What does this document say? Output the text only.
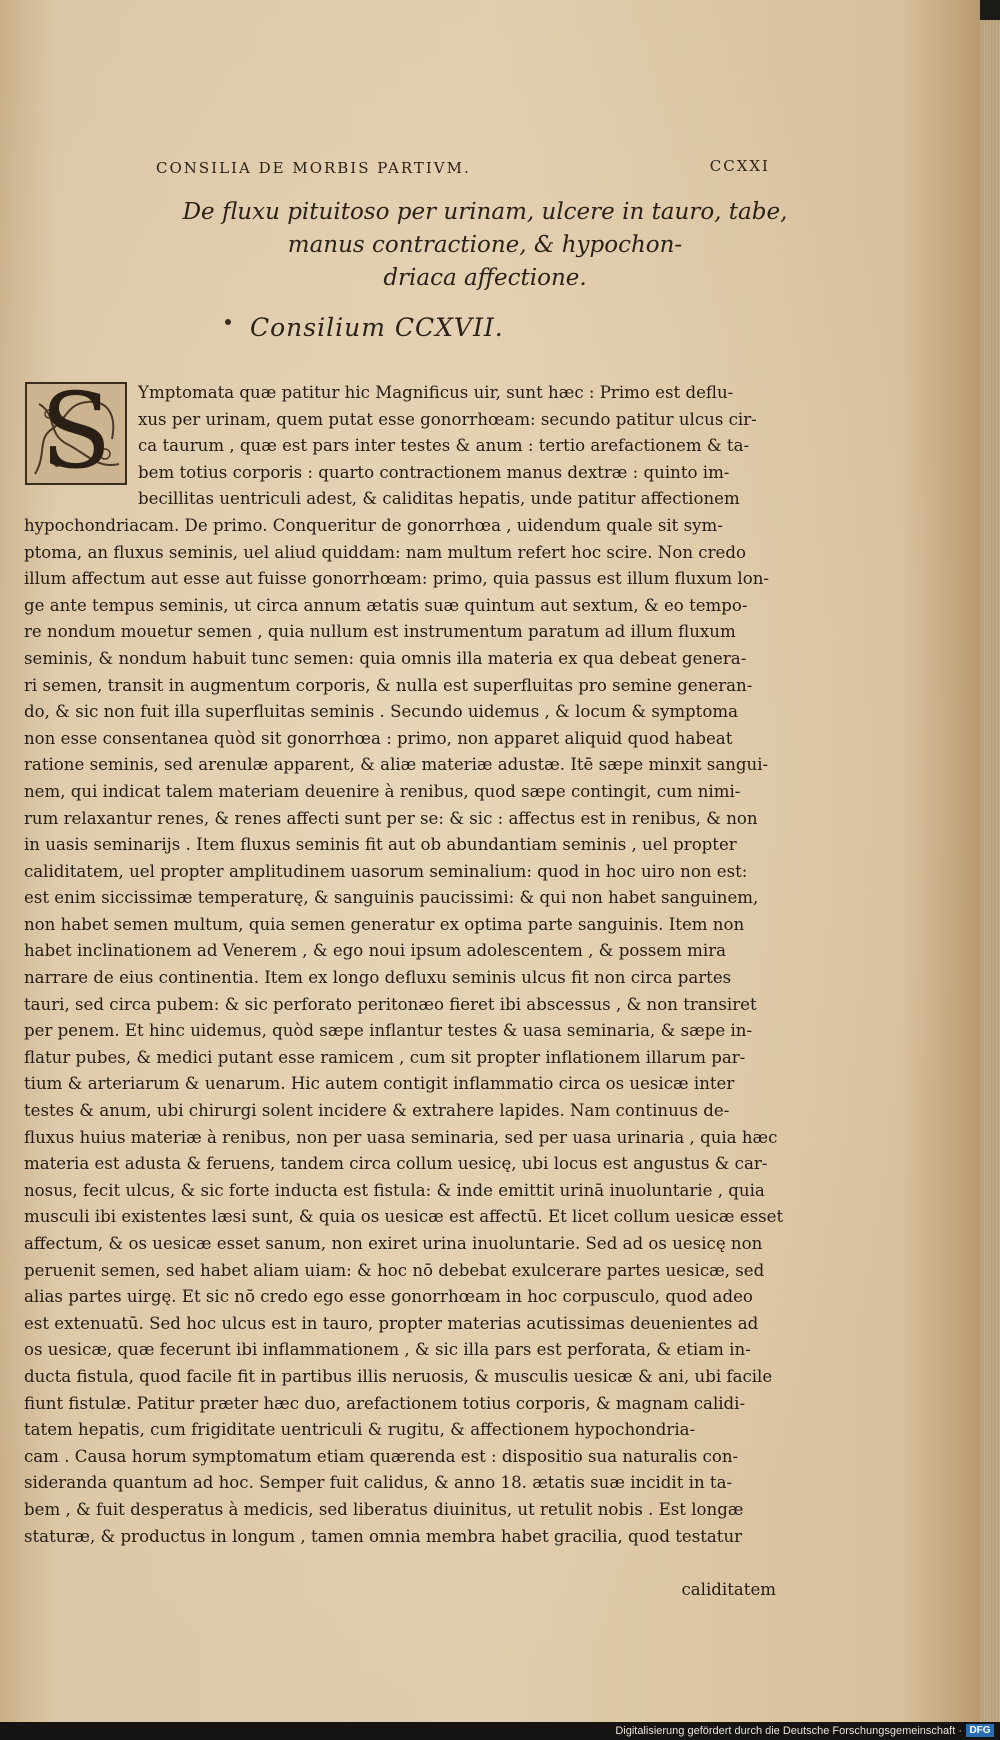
CONSILIA DE MORBIS PARTIVM.	CCXXI
De fluxu pituitoso per urinam, ulcere in tauro, tabe,
manus contractione, & hypochon-
driaca affectione.
Consilium CCXVII.
S	Ymptomata quæ patitur hic Magnificus uir, sunt hæc : Primo est deflu-
xus per urinam, quem putat esse gonorrhœam: secundo patitur ulcus cir-
ca taurum , quæ est pars inter testes & anum : tertio arefactionem & ta-
bem totius corporis : quarto contractionem manus dextræ : quinto im-
becillitas uentriculi adest, & caliditas hepatis, unde patitur affectionem
hypochondriacam. De primo. Conqueritur de gonorrhœa , uidendum quale sit sym-
ptoma, an fluxus seminis, uel aliud quiddam: nam multum refert hoc scire. Non credo
illum affectum aut esse aut fuisse gonorrhœam: primo, quia passus est illum fluxum lon-
ge ante tempus seminis, ut circa annum ætatis suæ quintum aut sextum, & eo tempo-
re nondum mouetur semen , quia nullum est instrumentum paratum ad illum fluxum
seminis, & nondum habuit tunc semen: quia omnis illa materia ex qua debeat genera-
ri semen, transit in augmentum corporis, & nulla est superfluitas pro semine generan-
do, & sic non fuit illa superfluitas seminis . Secundo uidemus , & locum & symptoma
non esse consentanea quòd sit gonorrhœa : primo, non apparet aliquid quod habeat
ratione seminis, sed arenulæ apparent, & aliæ materiæ adustæ. Itē sæpe minxit sangui-
nem, qui indicat talem materiam deuenire à renibus, quod sæpe contingit, cum nimi-
rum relaxantur renes, & renes affecti sunt per se: & sic : affectus est in renibus, & non
in uasis seminarijs . Item fluxus seminis fit aut ob abundantiam seminis , uel propter
caliditatem, uel propter amplitudinem uasorum seminalium: quod in hoc uiro non est:
est enim siccissimæ temperaturę, & sanguinis paucissimi: & qui non habet sanguinem,
non habet semen multum, quia semen generatur ex optima parte sanguinis. Item non
habet inclinationem ad Venerem , & ego noui ipsum adolescentem , & possem mira
narrare de eius continentia. Item ex longo defluxu seminis ulcus fit non circa partes
tauri, sed circa pubem: & sic perforato peritonæo fieret ibi abscessus , & non transiret
per penem. Et hinc uidemus, quòd sæpe inflantur testes & uasa seminaria, & sæpe in-
flatur pubes, & medici putant esse ramicem , cum sit propter inflationem illarum par-
tium & arteriarum & uenarum. Hic autem contigit inflammatio circa os uesicæ inter
testes & anum, ubi chirurgi solent incidere & extrahere lapides. Nam continuus de-
fluxus huius materiæ à renibus, non per uasa seminaria, sed per uasa urinaria , quia hæc
materia est adusta & feruens, tandem circa collum uesicę, ubi locus est angustus & car-
nosus, fecit ulcus, & sic forte inducta est fistula: & inde emittit urinā inuoluntarie , quia
musculi ibi existentes læsi sunt, & quia os uesicæ est affectū. Et licet collum uesicæ esset
affectum, & os uesicæ esset sanum, non exiret urina inuoluntarie. Sed ad os uesicę non
peruenit semen, sed habet aliam uiam: & hoc nō debebat exulcerare partes uesicæ, sed
alias partes uirgę. Et sic nō credo ego esse gonorrhœam in hoc corpusculo, quod adeo
est extenuatū. Sed hoc ulcus est in tauro, propter materias acutissimas deuenientes ad
os uesicæ, quæ fecerunt ibi inflammationem , & sic illa pars est perforata, & etiam in-
ducta fistula, quod facile fit in partibus illis neruosis, & musculis uesicæ & ani, ubi facile
fiunt fistulæ. Patitur præter hæc duo, arefactionem totius corporis, & magnam calidi-
tatem hepatis, cum frigiditate uentriculi & rugitu, & affectionem hypochondria-
cam . Causa horum symptomatum etiam quærenda est : dispositio sua naturalis con-
sideranda quantum ad hoc. Semper fuit calidus, & anno 18. ætatis suæ incidit in ta-
bem , & fuit desperatus à medicis, sed liberatus diuinitus, ut retulit nobis . Est longæ
staturæ, & productus in longum , tamen omnia membra habet gracilia, quod testatur
caliditatem
Digitalisierung gefördert durch die Deutsche Forschungsgemeinschaft · DFG
